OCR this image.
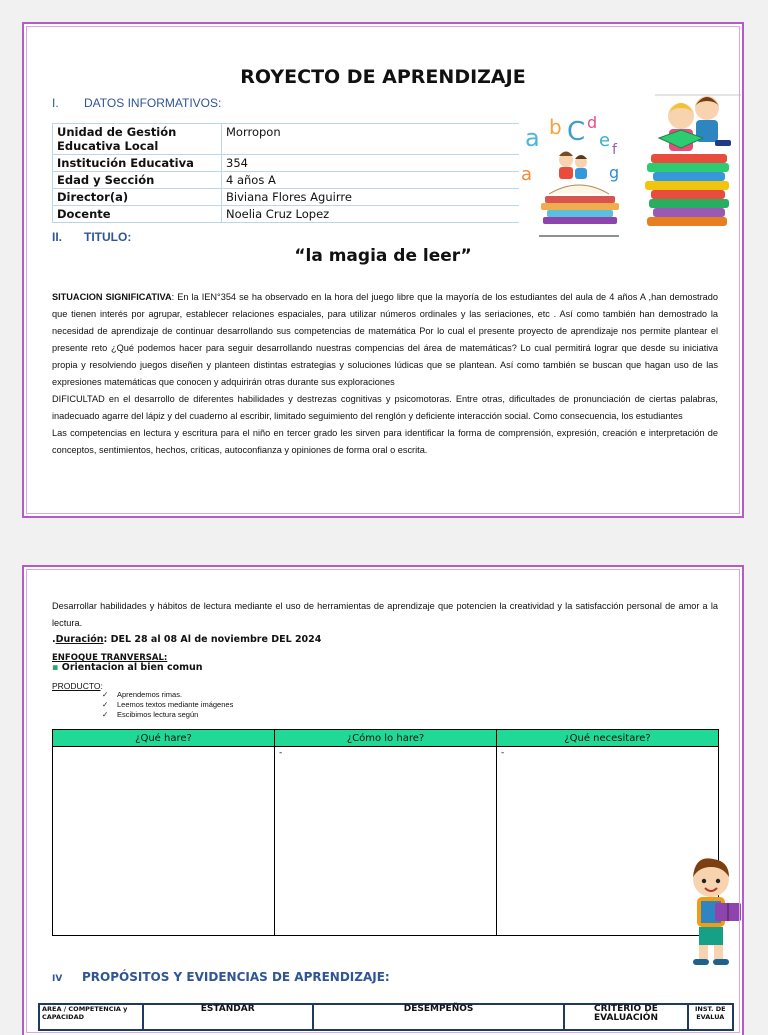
ROYECTO DE APRENDIZAJE
I. DATOS INFORMATIVOS:
Unidad de Gestión Educativa Local	Morropon
Institución Educativa	354
Edad y Sección	4 años A
Director(a)	Biviana Flores Aguirre
Docente	Noelia Cruz Lopez
a b C d
e f
a	g
II. TITULO:
“la magia de leer”

SITUACION SIGNIFICATIVA: En la IEN°354 se ha observado en la hora del juego libre que la mayoría de los estudiantes del aula de 4 años A ,han demostrado que tienen interés por agrupar, establecer relaciones espaciales, para utilizar números ordinales y las seriaciones, etc . Así como también han demostrado la necesidad de aprendizaje de continuar desarrollando sus competencias de matemática Por lo cual el presente proyecto de aprendizaje nos permite plantear el presente reto ¿Qué podemos hacer para seguir desarrollando nuestras compencias del área de matemáticas? Lo cual permitirá lograr que desde su iniciativa propia y resolviendo juegos diseñen y planteen distintas estrategias y soluciones lúdicas que se plantean. Así como también se buscan que hagan uso de las expresiones matemáticas que conocen y adquirirán otras durante sus exploraciones

DIFICULTAD en el desarrollo de diferentes habilidades y destrezas cognitivas y psicomotoras. Entre otras, dificultades de pronunciación de ciertas palabras, inadecuado agarre del lápiz y del cuaderno al escribir, limitado seguimiento del renglón y deficiente interacción social. Como consecuencia, los estudiantes

Las competencias en lectura y escritura para el niño en tercer grado les sirven para identificar la forma de comprensión, expresión, creación e interpretación de conceptos, sentimientos, hechos, críticas, autoconfianza y opiniones de forma oral o escrita.

Desarrollar habilidades y hábitos de lectura mediante el uso de herramientas de aprendizaje que potencien la creatividad y la satisfacción personal de amor a la lectura.
.Duración: DEL 28 al 08 Al de noviembre DEL 2024
ENFOQUE TRANVERSAL:
▪ Orientacion al bien comun
PRODUCTO:
✓ Aprendemos rimas.
✓ Leemos textos mediante imágenes
✓ Escibimos lectura según
¿Qué hare?	¿Cómo lo hare?	¿Qué necesitare?
	-	-
IV PROPÓSITOS Y EVIDENCIAS DE APRENDIZAJE:
AREA / COMPETENCIA y CAPACIDAD	ESTANDAR	DESEMPEÑOS	CRITERIO DE EVALUACIÓN	INST. DE EVALUA
